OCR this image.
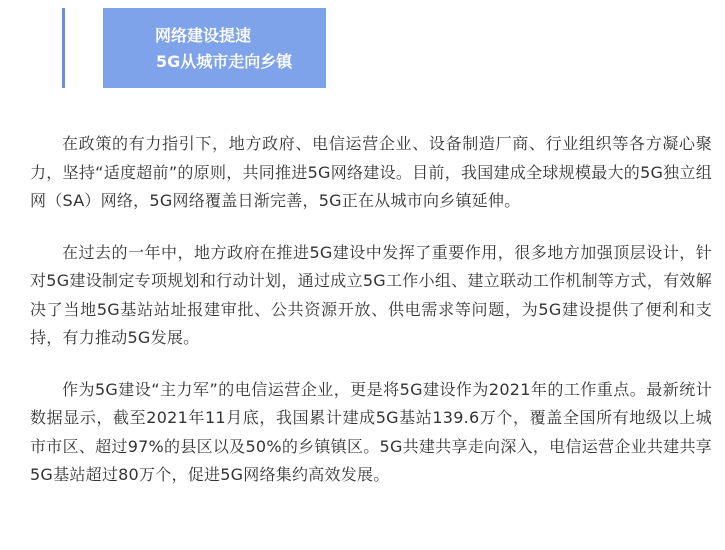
网络建设提速
5G从城市走向乡镇

在政策的有力指引下，地方政府、电信运营企业、设备制造厂商、行业组织等各方凝心聚力，坚持“适度超前”的原则，共同推进5G网络建设。目前，我国建成全球规模最大的5G独立组网（SA）网络，5G网络覆盖日渐完善，5G正在从城市向乡镇延伸。

在过去的一年中，地方政府在推进5G建设中发挥了重要作用，很多地方加强顶层设计，针对5G建设制定专项规划和行动计划，通过成立5G工作小组、建立联动工作机制等方式，有效解决了当地5G基站站址报建审批、公共资源开放、供电需求等问题，为5G建设提供了便利和支持，有力推动5G发展。

作为5G建设“主力军”的电信运营企业，更是将5G建设作为2021年的工作重点。最新统计数据显示，截至2021年11月底，我国累计建成5G基站139.6万个，覆盖全国所有地级以上城市市区、超过97%的县区以及50%的乡镇镇区。5G共建共享走向深入，电信运营企业共建共享5G基站超过80万个，促进5G网络集约高效发展。
